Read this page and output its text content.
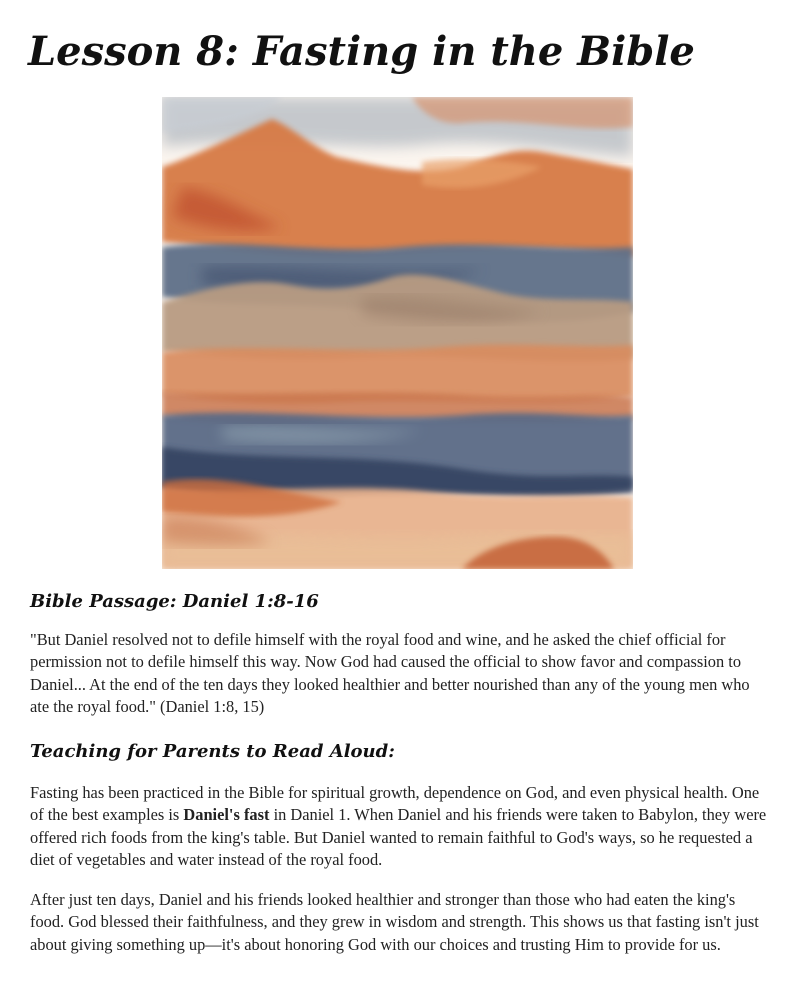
Lesson 8: Fasting in the Bible
Bible Passage: Daniel 1:8-16

"But Daniel resolved not to defile himself with the royal food and wine, and he asked the chief official for permission not to defile himself this way. Now God had caused the official to show favor and compassion to Daniel... At the end of the ten days they looked healthier and better nourished than any of the young men who ate the royal food." (Daniel 1:8, 15)

Teaching for Parents to Read Aloud:

Fasting has been practiced in the Bible for spiritual growth, dependence on God, and even physical health. One of the best examples is Daniel's fast in Daniel 1. When Daniel and his friends were taken to Babylon, they were offered rich foods from the king's table. But Daniel wanted to remain faithful to God's ways, so he requested a diet of vegetables and water instead of the royal food.

After just ten days, Daniel and his friends looked healthier and stronger than those who had eaten the king's food. God blessed their faithfulness, and they grew in wisdom and strength. This shows us that fasting isn't just about giving something up—it's about honoring God with our choices and trusting Him to provide for us.
